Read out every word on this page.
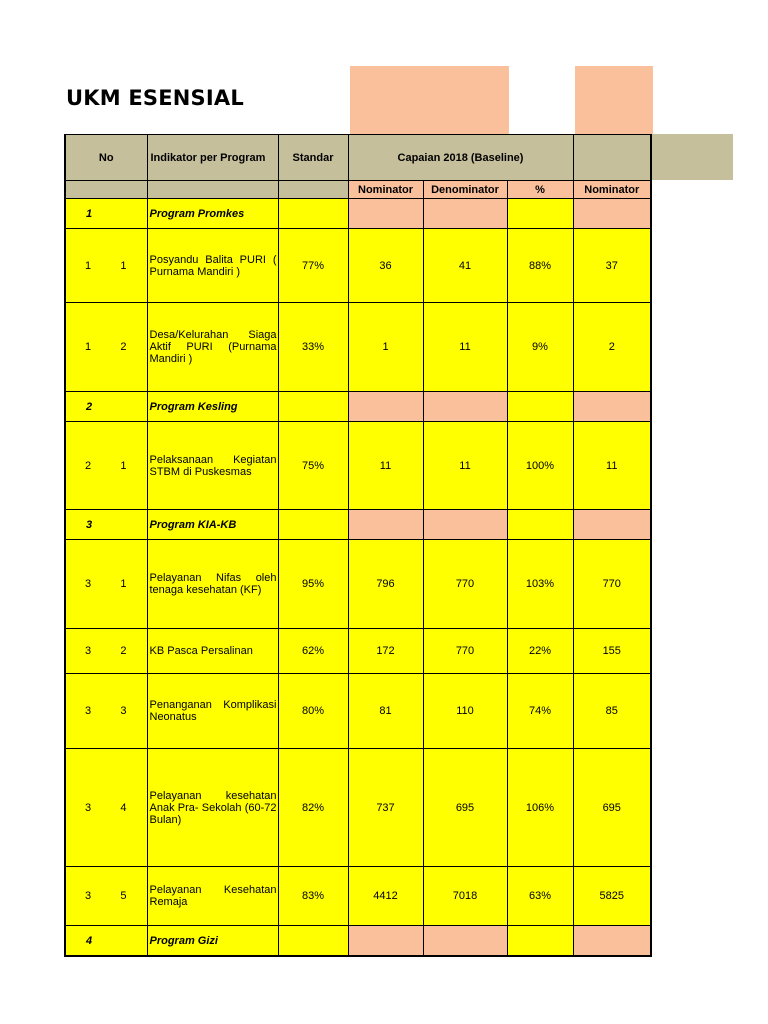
UKM ESENSIAL
No	Indikator per Program	Standar	Capaian 2018 (Baseline)			
			Nominator	Denominator	%	Nominator
1	Program Promkes					

1 1	Posyandu Balita PURI ( Purnama Mandiri )	77%	36	41	88%	37

1 2	Desa/Kelurahan Siaga Aktif PURI (Purnama Mandiri )	33%	1	11	9%	2
2	Program Kesling					

2 1	Pelaksanaan Kegiatan STBM di Puskesmas	75%	11	11	100%	11
3	Program KIA-KB					

3 1	Pelayanan Nifas oleh tenaga kesehatan (KF)	95%	796	770	103%	770

3 2	KB Pasca Persalinan	62%	172	770	22%	155

3 3	Penanganan Komplikasi Neonatus	80%	81	110	74%	85

3 4	Pelayanan kesehatan Anak Pra- Sekolah (60-72 Bulan)	82%	737	695	106%	695

3 5	Pelayanan Kesehatan Remaja	83%	4412	7018	63%	5825
4	Program Gizi					
